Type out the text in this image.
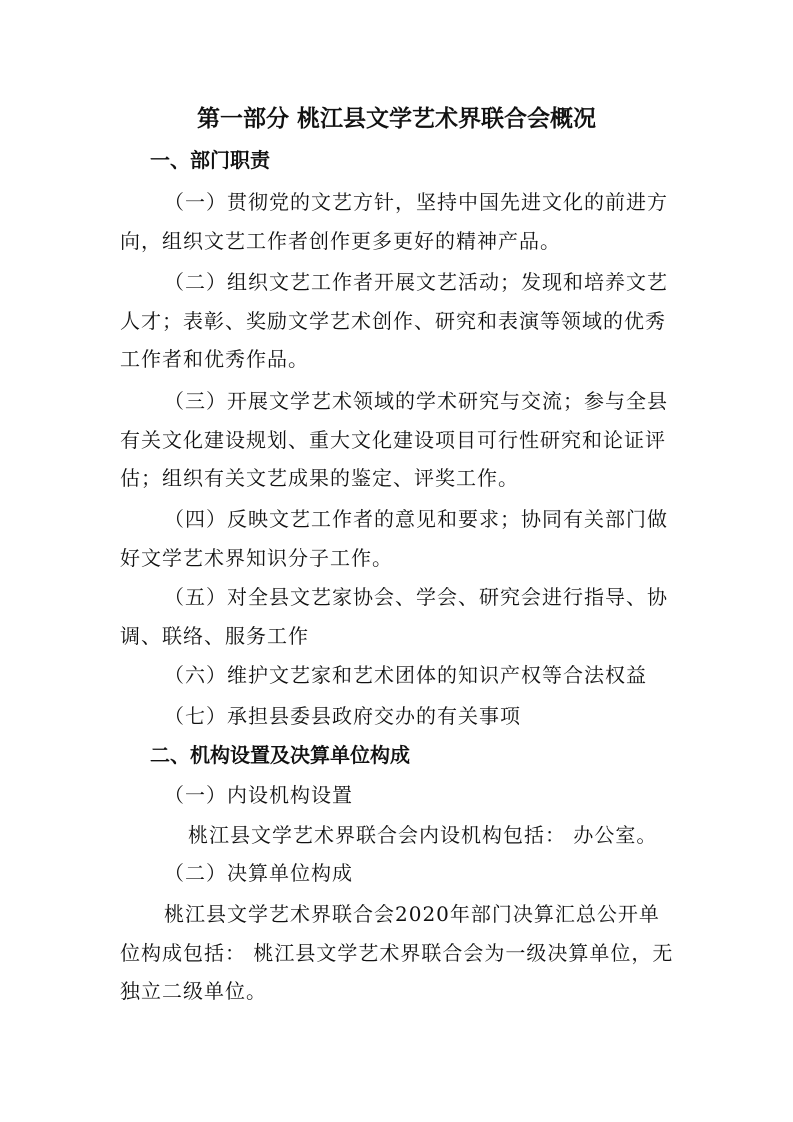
第一部分 桃江县文学艺术界联合会概况
一、部门职责
（一）贯彻党的文艺方针，坚持中国先进文化的前进方向，组织文艺工作者创作更多更好的精神产品。
（二）组织文艺工作者开展文艺活动；发现和培养文艺人才；表彰、奖励文学艺术创作、研究和表演等领域的优秀工作者和优秀作品。
（三）开展文学艺术领域的学术研究与交流；参与全县有关文化建设规划、重大文化建设项目可行性研究和论证评估；组织有关文艺成果的鉴定、评奖工作。
（四）反映文艺工作者的意见和要求；协同有关部门做好文学艺术界知识分子工作。
（五）对全县文艺家协会、学会、研究会进行指导、协调、联络、服务工作
（六）维护文艺家和艺术团体的知识产权等合法权益
（七）承担县委县政府交办的有关事项
二、机构设置及决算单位构成
（一）内设机构设置
桃江县文学艺术界联合会内设机构包括： 办公室。
（二）决算单位构成
桃江县文学艺术界联合会2020年部门决算汇总公开单位构成包括： 桃江县文学艺术界联合会为一级决算单位，无独立二级单位。
